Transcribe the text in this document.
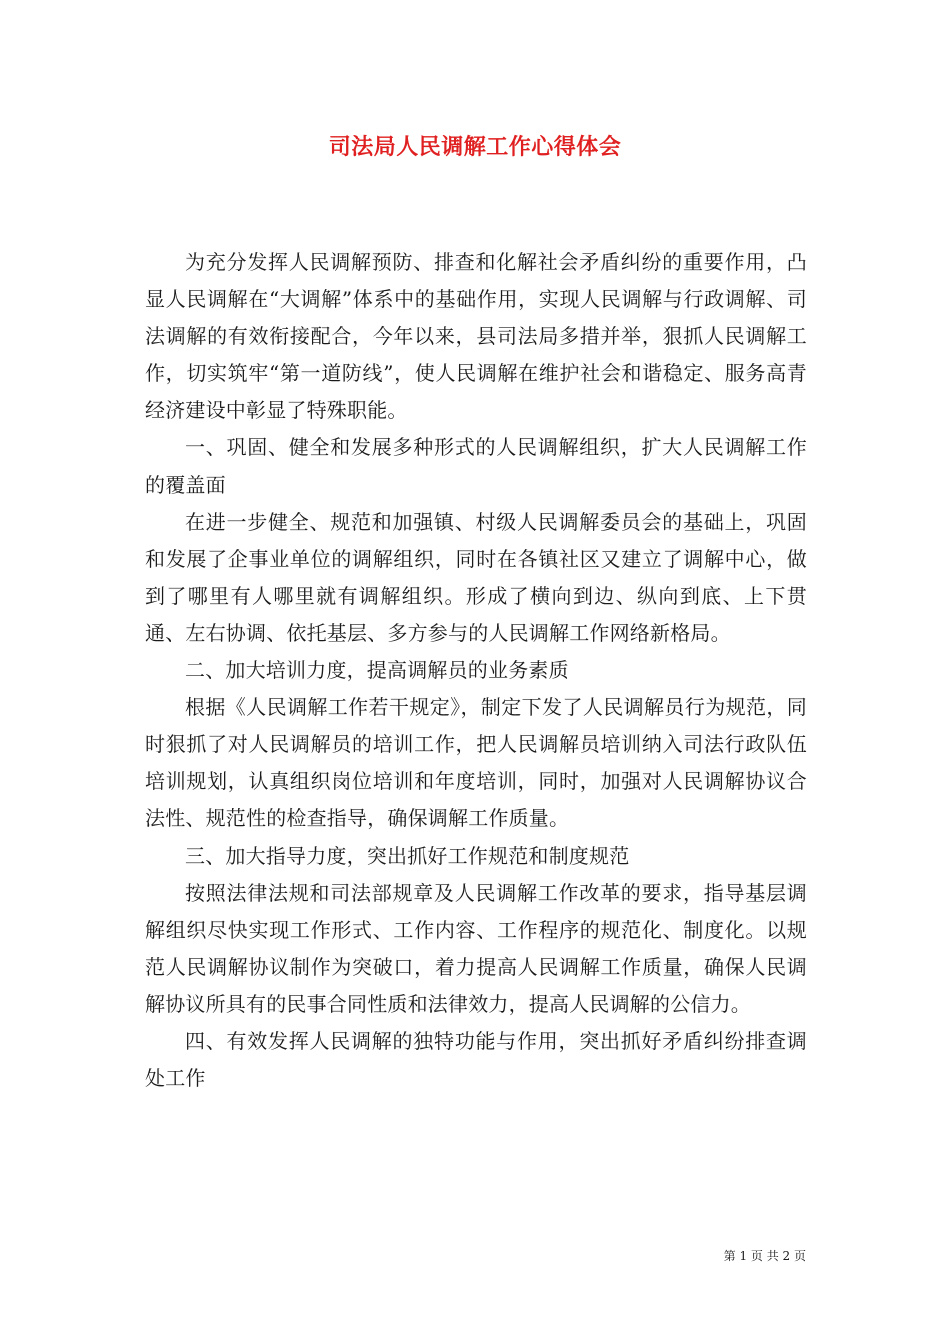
司法局人民调解工作心得体会

为充分发挥人民调解预防、排查和化解社会矛盾纠纷的重要作用，凸显人民调解在“大调解”体系中的基础作用，实现人民调解与行政调解、司法调解的有效衔接配合，今年以来，县司法局多措并举，狠抓人民调解工作，切实筑牢“第一道防线”，使人民调解在维护社会和谐稳定、服务高青经济建设中彰显了特殊职能。

一、巩固、健全和发展多种形式的人民调解组织，扩大人民调解工作的覆盖面

在进一步健全、规范和加强镇、村级人民调解委员会的基础上，巩固和发展了企事业单位的调解组织，同时在各镇社区又建立了调解中心，做到了哪里有人哪里就有调解组织。形成了横向到边、纵向到底、上下贯通、左右协调、依托基层、多方参与的人民调解工作网络新格局。

二、加大培训力度，提高调解员的业务素质

根据《人民调解工作若干规定》，制定下发了人民调解员行为规范，同时狠抓了对人民调解员的培训工作，把人民调解员培训纳入司法行政队伍培训规划，认真组织岗位培训和年度培训，同时，加强对人民调解协议合法性、规范性的检查指导，确保调解工作质量。

三、加大指导力度，突出抓好工作规范和制度规范

按照法律法规和司法部规章及人民调解工作改革的要求，指导基层调解组织尽快实现工作形式、工作内容、工作程序的规范化、制度化。以规范人民调解协议制作为突破口，着力提高人民调解工作质量，确保人民调解协议所具有的民事合同性质和法律效力，提高人民调解的公信力。

四、有效发挥人民调解的独特功能与作用，突出抓好矛盾纠纷排查调处工作

第 1 页 共 2 页
